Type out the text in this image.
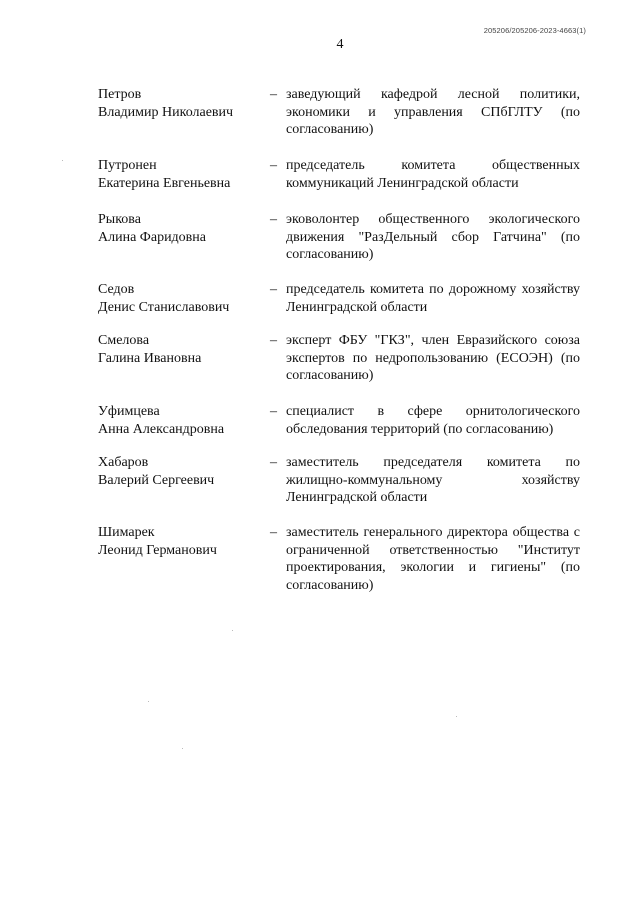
205206/205206-2023-4663(1)
4
Петров
Владимир Николаевич
– заведующий кафедрой лесной политики, экономики и управления СПбГЛТУ (по согласованию)
Путронен
Екатерина Евгеньевна
– председатель комитета общественных коммуникаций Ленинградской области
Рыкова
Алина Фаридовна
– эковолонтер общественного экологического движения "РазДельный сбор Гатчина" (по согласованию)
Седов
Денис Станиславович
– председатель комитета по дорожному хозяйству Ленинградской области
Смелова
Галина Ивановна
– эксперт ФБУ "ГКЗ", член Евразийского союза экспертов по недропользованию (ЕСОЭН) (по согласованию)
Уфимцева
Анна Александровна
– специалист в сфере орнитологического обследования территорий (по согласованию)
Хабаров
Валерий Сергеевич
– заместитель председателя комитета по жилищно-коммунальному хозяйству Ленинградской области
Шимарек
Леонид Германович
– заместитель генерального директора общества с ограниченной ответственностью "Институт проектирования, экологии и гигиены" (по согласованию)
